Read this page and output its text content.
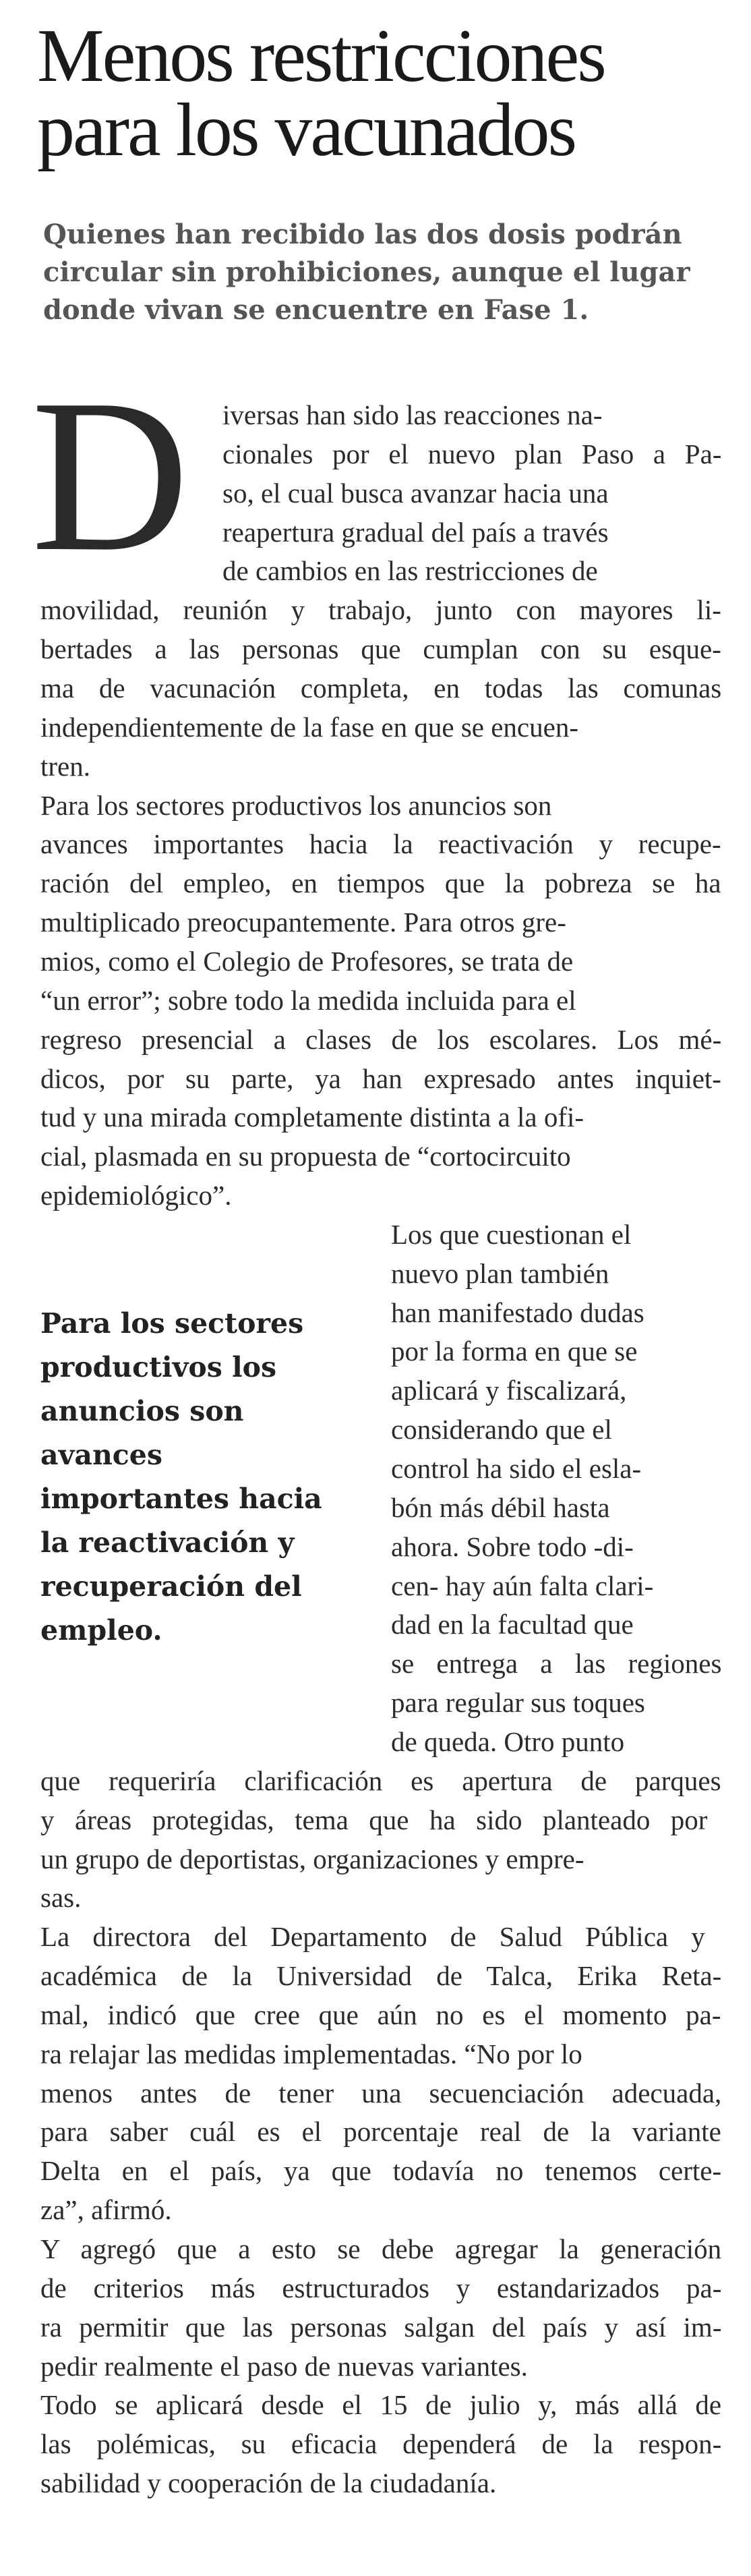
Menos restricciones
para los vacunados

Quienes han recibido las dos dosis podrán
circular sin prohibiciones, aunque el lugar
donde vivan se encuentre en Fase 1.

D iversas han sido las reacciones na-
cionales por el nuevo plan Paso a Pa-
so, el cual busca avanzar hacia una
reapertura gradual del país a través
de cambios en las restricciones de
movilidad, reunión y trabajo, junto con mayores li-
bertades a las personas que cumplan con su esque-
ma de vacunación completa, en todas las comunas
independientemente de la fase en que se encuen-
tren.
Para los sectores productivos los anuncios son
avances importantes hacia la reactivación y recupe-
ración del empleo, en tiempos que la pobreza se ha
multiplicado preocupantemente. Para otros gre-
mios, como el Colegio de Profesores, se trata de
“un error”; sobre todo la medida incluida para el
regreso presencial a clases de los escolares. Los mé-
dicos, por su parte, ya han expresado antes inquiet-
tud y una mirada completamente distinta a la ofi-
cial, plasmada en su propuesta de “cortocircuito
epidemiológico”.
Los que cuestionan el
nuevo plan también
han manifestado dudas
por la forma en que se
aplicará y fiscalizará,
considerando que el
control ha sido el esla-
bón más débil hasta
ahora. Sobre todo -di-
cen- hay aún falta clari-
dad en la facultad que
se entrega a las regiones
para regular sus toques
de queda. Otro punto
que requeriría clarificación es apertura de parques
y áreas protegidas, tema que ha sido planteado por
un grupo de deportistas, organizaciones y empre-
sas.
La directora del Departamento de Salud Pública y
académica de la Universidad de Talca, Erika Reta-
mal, indicó que cree que aún no es el momento pa-
ra relajar las medidas implementadas. “No por lo
menos antes de tener una secuenciación adecuada,
para saber cuál es el porcentaje real de la variante
Delta en el país, ya que todavía no tenemos certe-
za”, afirmó.
Y agregó que a esto se debe agregar la generación
de criterios más estructurados y estandarizados pa-
ra permitir que las personas salgan del país y así im-
pedir realmente el paso de nuevas variantes.
Todo se aplicará desde el 15 de julio y, más allá de
las polémicas, su eficacia dependerá de la respon-
sabilidad y cooperación de la ciudadanía.

Para los sectores
productivos los
anuncios son
avances
importantes hacia
la reactivación y
recuperación del
empleo.
